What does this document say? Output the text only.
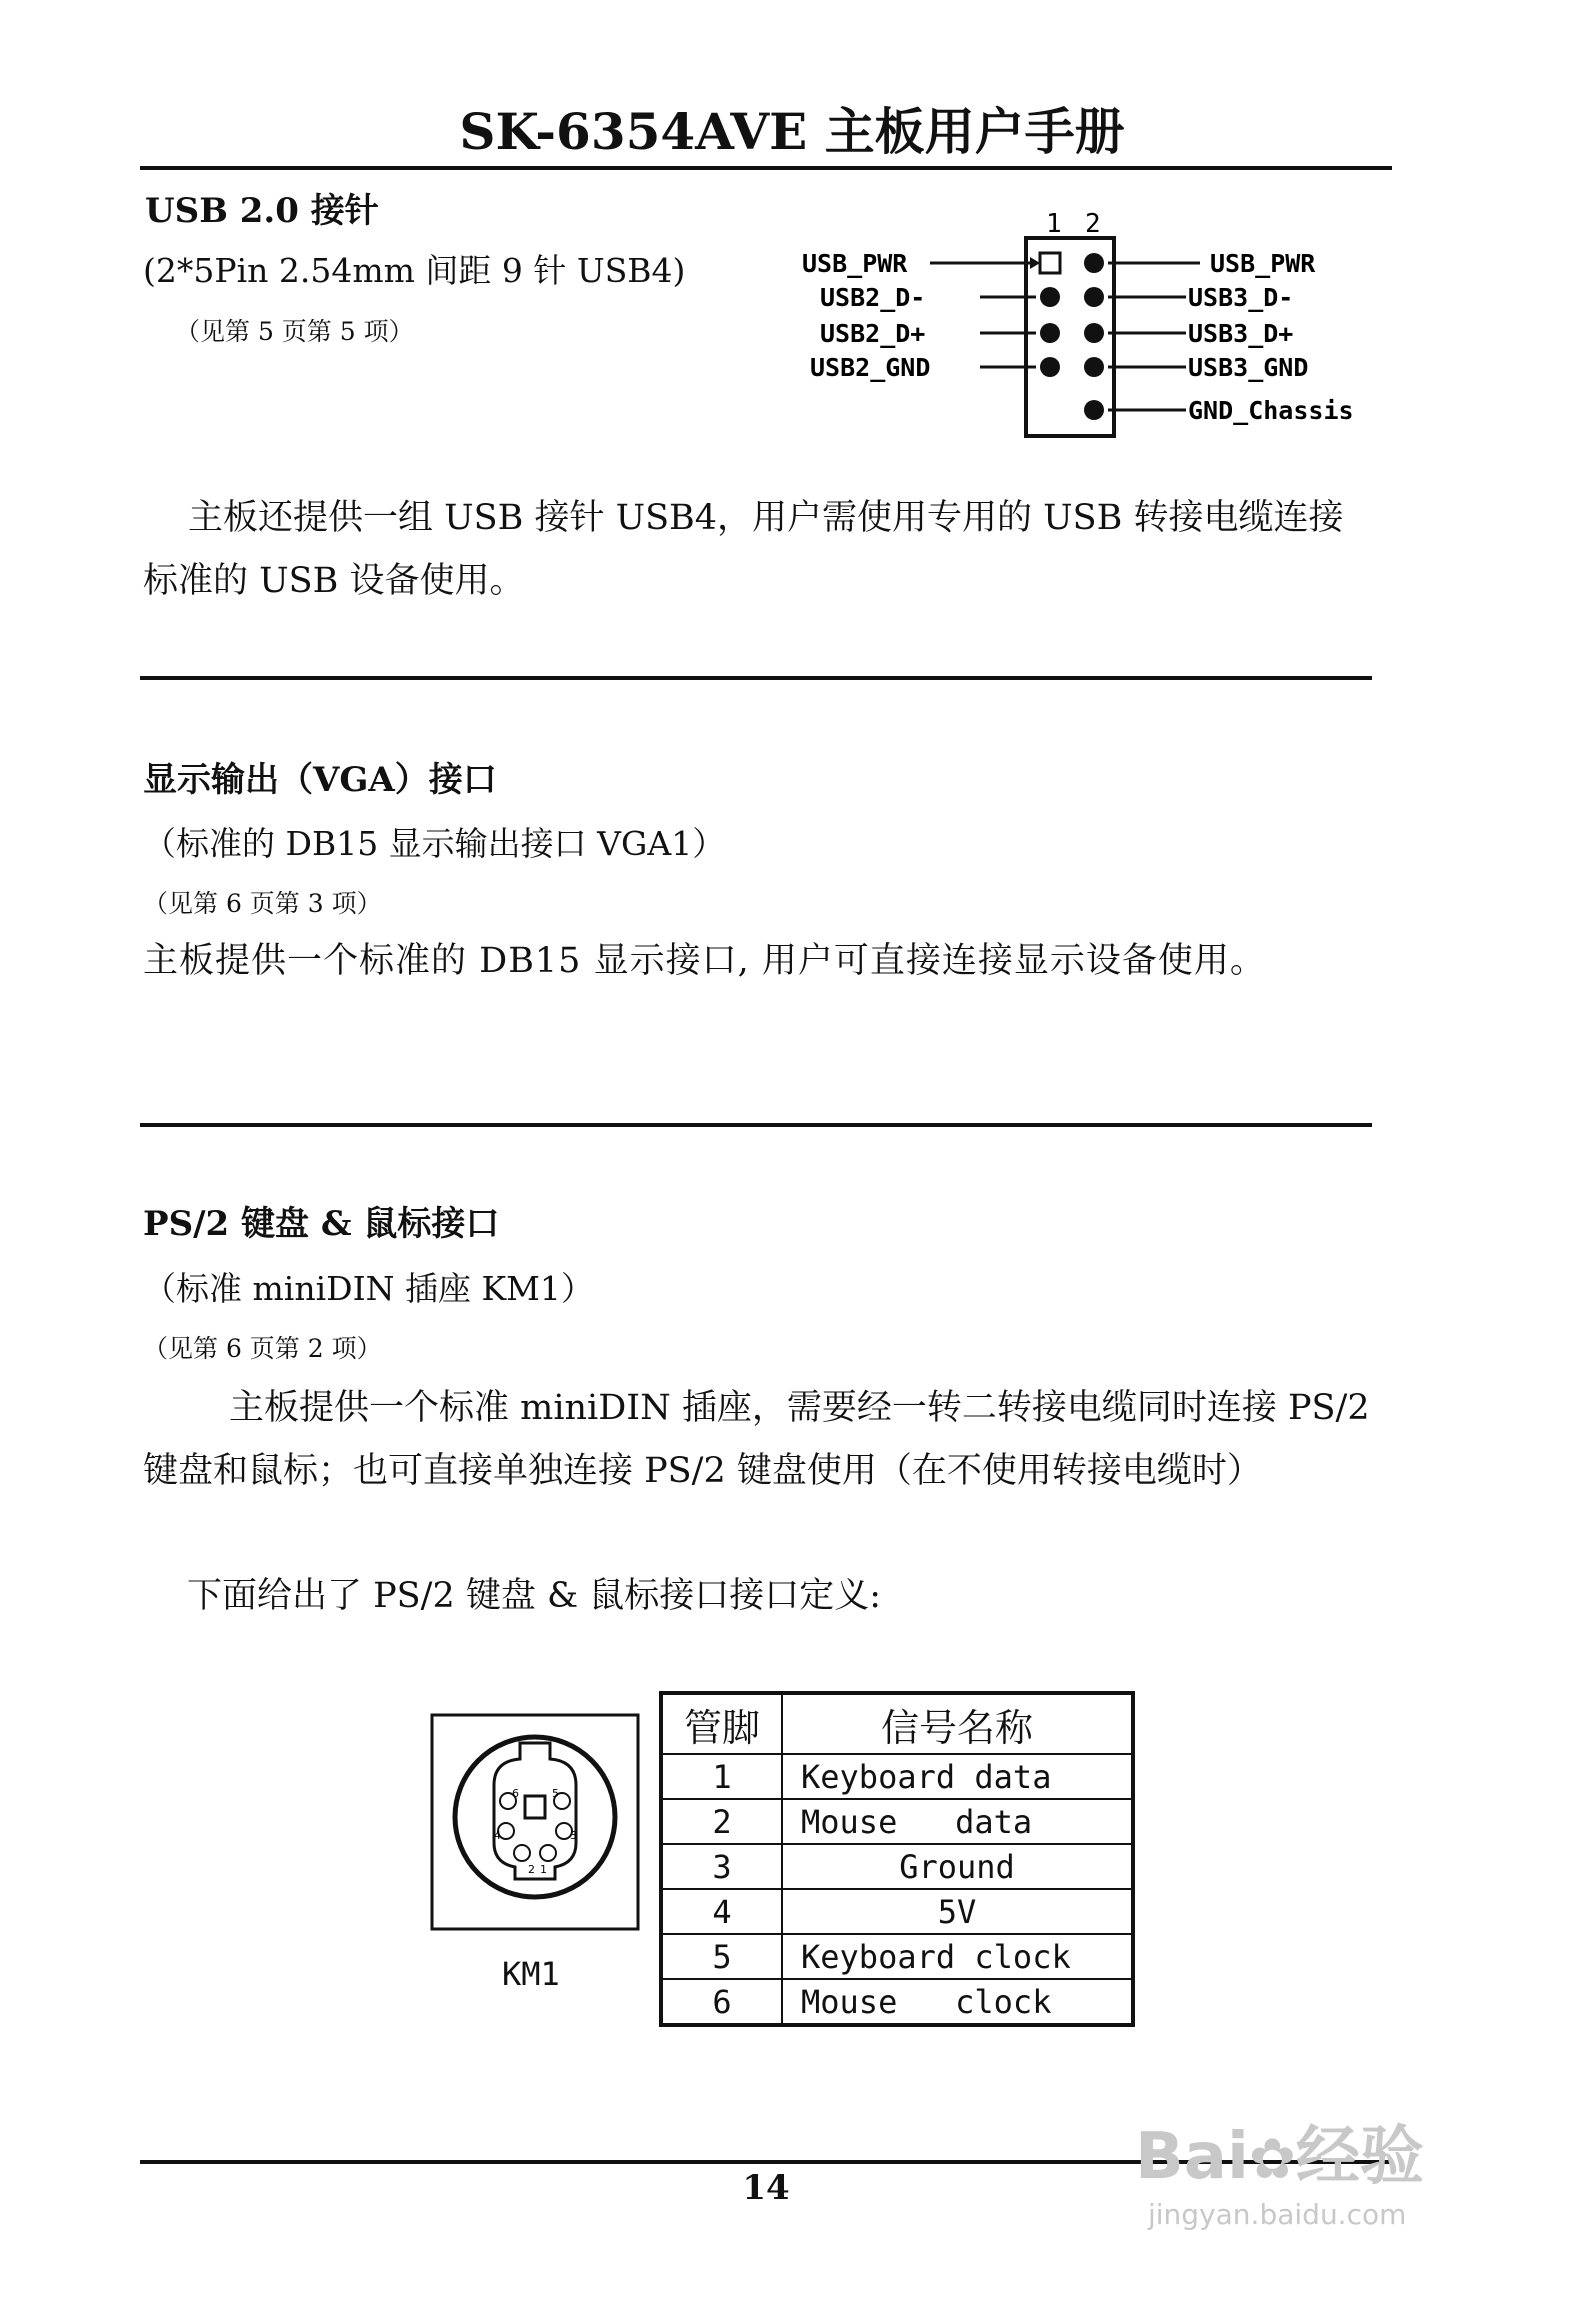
SK-6354AVE 主板用户手册
USB 2.0 接针
(2*5Pin 2.54mm 间距 9 针 USB4)
（见第 5 页第 5 项）
1 2
USB_PWR
USB2_D-
USB2_D+
USB2_GND
USB_PWR
USB3_D-
USB3_D+
USB3_GND
GND_Chassis
主板还提供一组 USB 接针 USB4，用户需使用专用的 USB 转接电缆连接标准的 USB 设备使用。
显示输出（VGA）接口
（标准的 DB15 显示输出接口 VGA1）
（见第 6 页第 3 项）
主板提供一个标准的 DB15 显示接口, 用户可直接连接显示设备使用。
PS/2 键盘 & 鼠标接口
（标准 miniDIN 插座 KM1）
（见第 6 页第 2 项）
主板提供一个标准 miniDIN 插座，需要经一转二转接电缆同时连接 PS/2 键盘和鼠标；也可直接单独连接 PS/2 键盘使用（在不使用转接电缆时）
下面给出了 PS/2 键盘 & 鼠标接口接口定义:
6	5
4	3
2 1
KM1
管脚	信号名称
1	Keyboard data
2	Mouse   data
3	Ground
4	5V
5	Keyboard clock
6	Mouse   clock
14	Bai✿经验
jingyan.baidu.com
